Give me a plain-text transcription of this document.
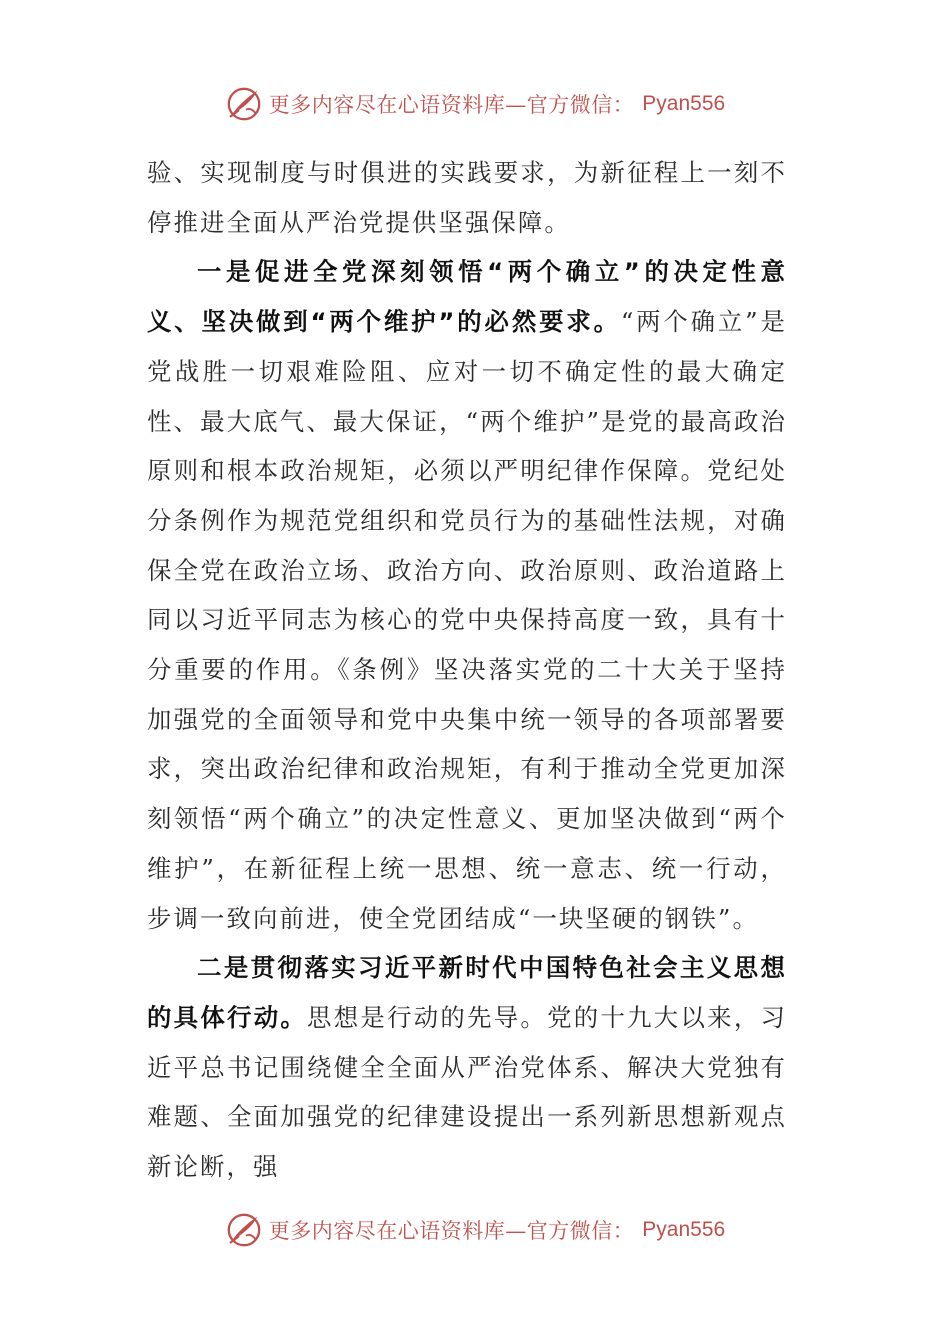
更多内容尽在心语资料库—官方微信： Pyan556

验、实现制度与时俱进的实践要求，为新征程上一刻不停推进全面从严治党提供坚强保障。

一是促进全党深刻领悟“两个确立”的决定性意义、坚决做到“两个维护”的必然要求。“两个确立”是党战胜一切艰难险阻、应对一切不确定性的最大确定性、最大底气、最大保证，“两个维护”是党的最高政治原则和根本政治规矩，必须以严明纪律作保障。党纪处分条例作为规范党组织和党员行为的基础性法规，对确保全党在政治立场、政治方向、政治原则、政治道路上同以习近平同志为核心的党中央保持高度一致，具有十分重要的作用。《条例》坚决落实党的二十大关于坚持加强党的全面领导和党中央集中统一领导的各项部署要求，突出政治纪律和政治规矩，有利于推动全党更加深刻领悟“两个确立”的决定性意义、更加坚决做到“两个维护”，在新征程上统一思想、统一意志、统一行动，步调一致向前进，使全党团结成“一块坚硬的钢铁”。

二是贯彻落实习近平新时代中国特色社会主义思想的具体行动。思想是行动的先导。党的十九大以来，习近平总书记围绕健全全面从严治党体系、解决大党独有难题、全面加强党的纪律建设提出一系列新思想新观点新论断，强

更多内容尽在心语资料库—官方微信： Pyan556
